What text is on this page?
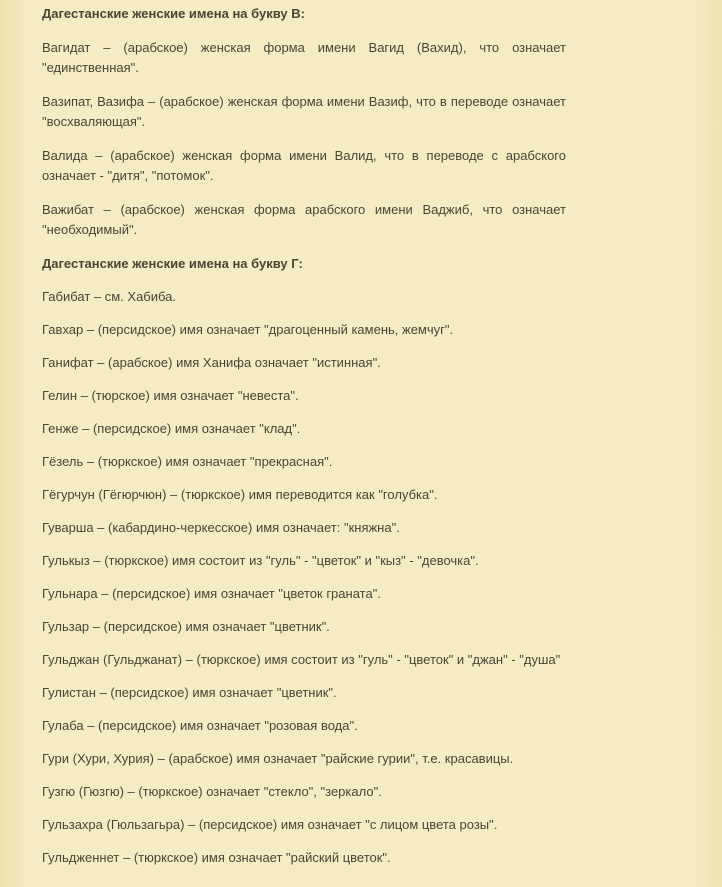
Дагестанские женские имена на букву В:

Вагидат – (арабское) женская форма имени Вагид (Вахид), что означает "единственная".

Вазипат, Вазифа – (арабское) женская форма имени Вазиф, что в переводе означает "восхваляющая".

Валида – (арабское) женская форма имени Валид, что в переводе с арабского означает - "дитя", "потомок".

Важибат – (арабское) женская форма арабского имени Ваджиб, что означает "необходимый".

Дагестанские женские имена на букву Г:

Габибат – см. Хабиба.

Гавхар – (персидское) имя означает "драгоценный камень, жемчуг".

Ганифат – (арабское) имя Ханифа означает "истинная".

Гелин – (тюрское) имя означает "невеста".

Генже – (персидское) имя означает "клад".

Гёзель – (тюркское) имя означает "прекрасная".

Гёгурчун (Гёгюрчюн) – (тюркское) имя переводится как "голубка".

Гуварша – (кабардино-черкесское) имя означает: "княжна".

Гулькыз – (тюркское) имя состоит из "гуль" - "цветок" и "кыз" - "девочка".

Гульнара – (персидское) имя означает "цветок граната".

Гульзар – (персидское) имя означает "цветник".

Гульджан (Гульджанат) – (тюркское) имя состоит из "гуль" - "цветок" и "джан" - "душа"

Гулистан – (персидское) имя означает "цветник".

Гулаба – (персидское) имя означает "розовая вода".

Гури (Хури, Хурия) – (арабское) имя означает "райские гурии", т.е. красавицы.

Гузгю (Гюзгю) – (тюркское) означает "стекло", "зеркало".

Гульзахра (Гюльзагьра) – (персидское) имя означает "с лицом цвета розы".

Гульдженнет – (тюркское) имя означает "райский цветок".
